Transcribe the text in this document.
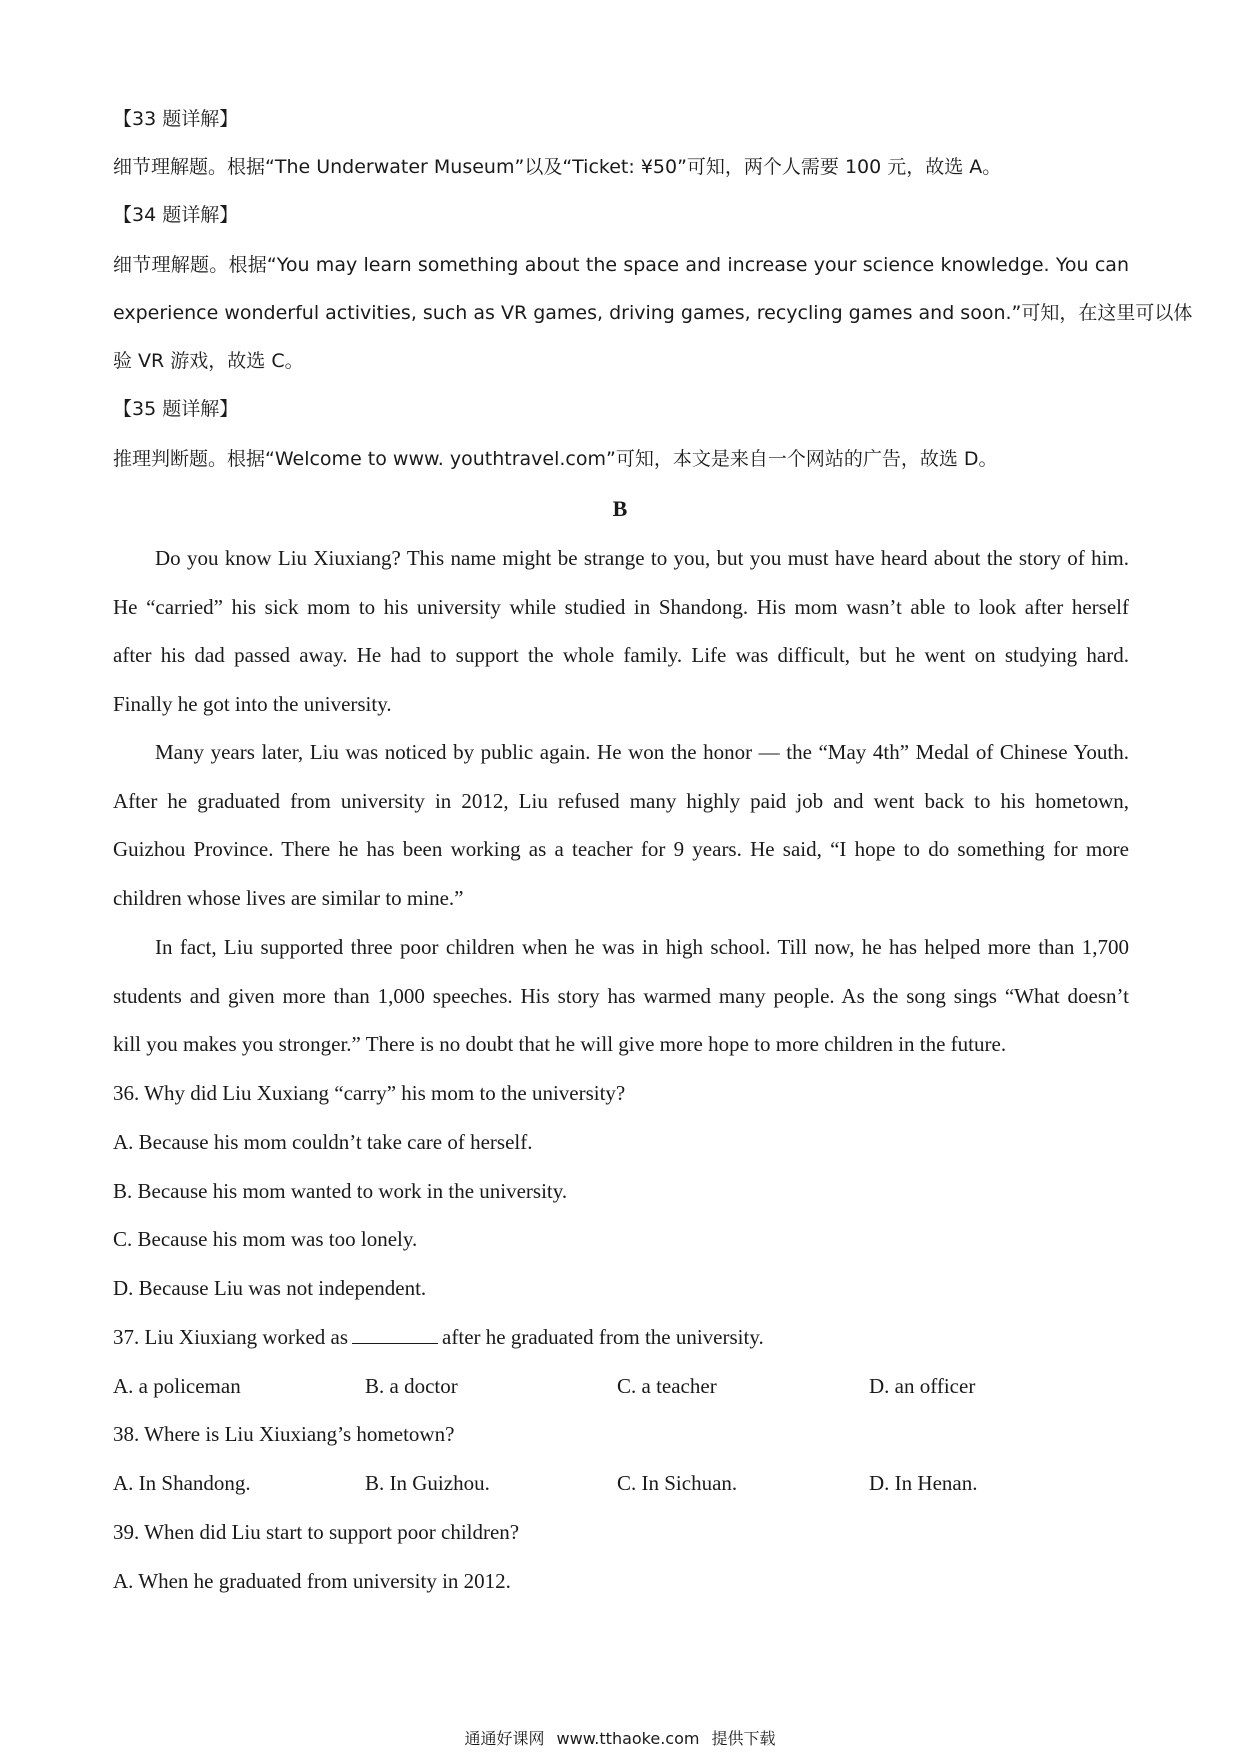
【33 题详解】
细节理解题。根据“The Underwater Museum”以及“Ticket: ¥50”可知，两个人需要 100 元，故选 A。
【34 题详解】
细节理解题。根据“You may learn something about the space and increase your science knowledge. You can
experience wonderful activities, such as VR games, driving games, recycling games and soon.”可知，在这里可以体
验 VR 游戏，故选 C。
【35 题详解】
推理判断题。根据“Welcome to www. youthtravel.com”可知，本文是来自一个网站的广告，故选 D。
B
Do you know Liu Xiuxiang? This name might be strange to you, but you must have heard about the story of him.
He “carried” his sick mom to his university while studied in Shandong. His mom wasn’t able to look after herself
after his dad passed away. He had to support the whole family. Life was difficult, but he went on studying hard.
Finally he got into the university.
Many years later, Liu was noticed by public again. He won the honor — the “May 4th” Medal of Chinese Youth.
After he graduated from university in 2012, Liu refused many highly paid job and went back to his hometown,
Guizhou Province. There he has been working as a teacher for 9 years. He said, “I hope to do something for more
children whose lives are similar to mine.”
In fact, Liu supported three poor children when he was in high school. Till now, he has helped more than 1,700
students and given more than 1,000 speeches. His story has warmed many people. As the song sings “What doesn’t
kill you makes you stronger.” There is no doubt that he will give more hope to more children in the future.
36. Why did Liu Xuxiang “carry” his mom to the university?
A. Because his mom couldn’t take care of herself.
B. Because his mom wanted to work in the university.
C. Because his mom was too lonely.
D. Because Liu was not independent.
37. Liu Xiuxiang worked as	after he graduated from the university.
A. a policeman	B. a doctor	C. a teacher	D. an officer
38. Where is Liu Xiuxiang’s hometown?
A. In Shandong.	B. In Guizhou.	C. In Sichuan.	D. In Henan.
39. When did Liu start to support poor children?
A. When he graduated from university in 2012.
通通好课网 www.tthaoke.com 提供下载
